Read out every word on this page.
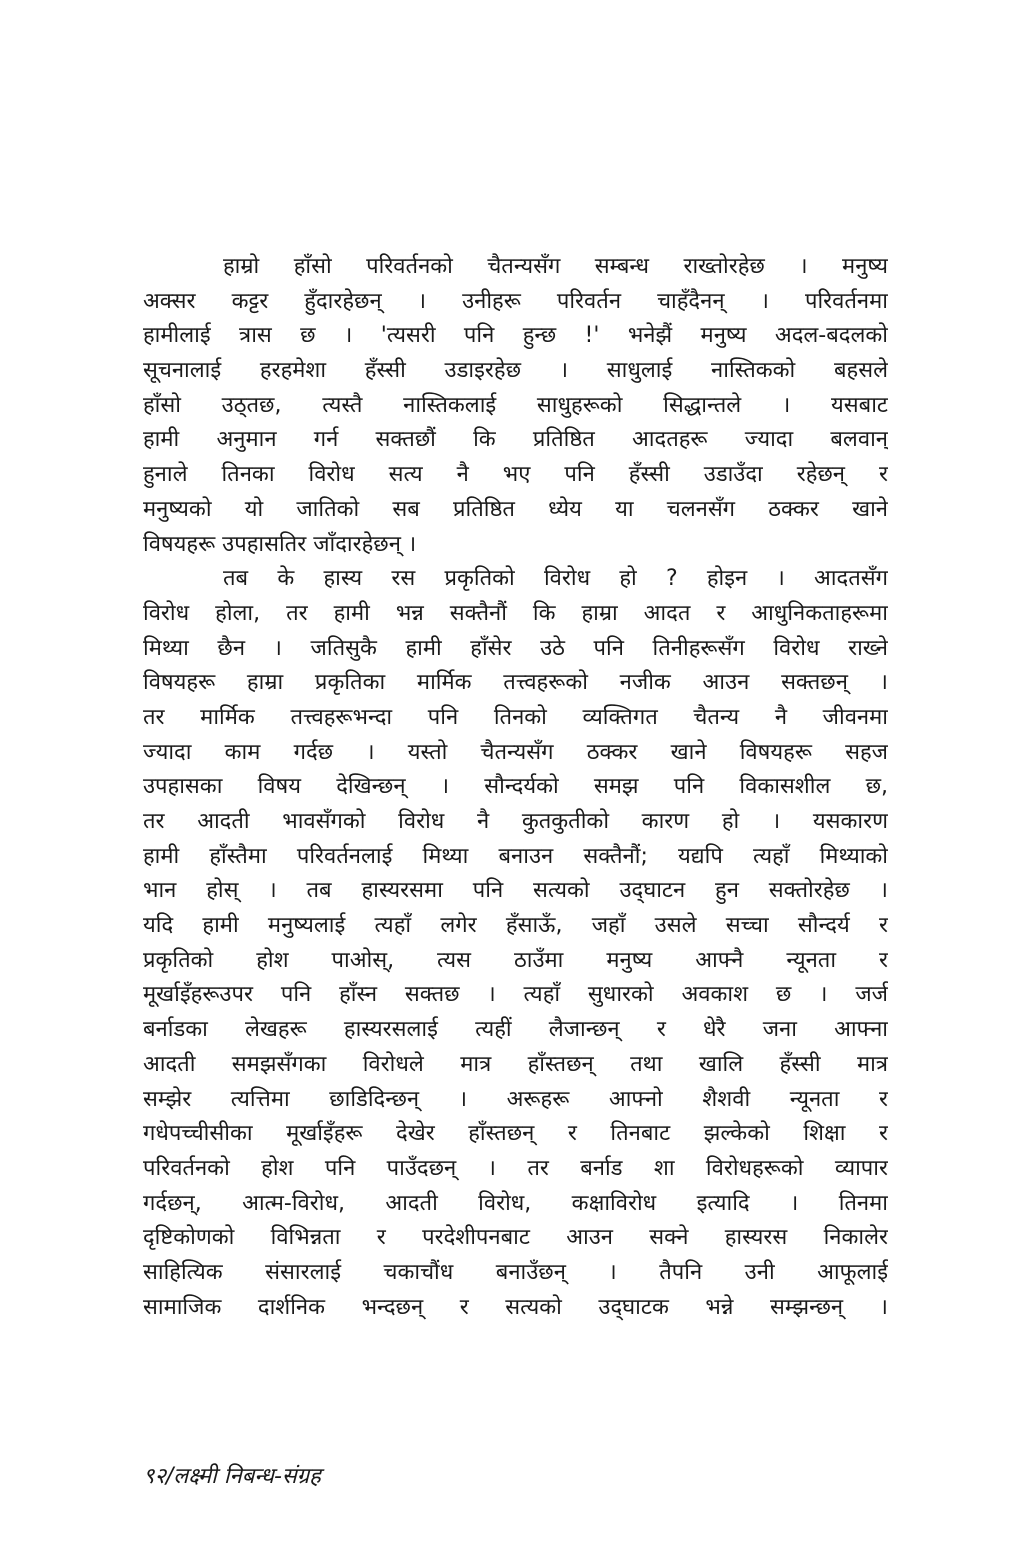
हाम्रो हाँसो परिवर्तनको चैतन्यसँग सम्बन्ध राख्तोरहेछ । मनुष्य
अक्सर कट्टर हुँदारहेछन् । उनीहरू परिवर्तन चाहँदैनन् । परिवर्तनमा
हामीलाई त्रास छ । 'त्यसरी पनि हुन्छ !' भनेझैं मनुष्य अदल-बदलको
सूचनालाई हरहमेशा हँस्सी उडाइरहेछ । साधुलाई नास्तिकको बहसले
हाँसो उठ्तछ, त्यस्तै नास्तिकलाई साधुहरूको सिद्धान्तले । यसबाट
हामी अनुमान गर्न सक्तछौं कि प्रतिष्ठित आदतहरू ज्यादा बलवान्
हुनाले तिनका विरोध सत्य नै भए पनि हँस्सी उडाउँदा रहेछन् र
मनुष्यको यो जातिको सब प्रतिष्ठित ध्येय या चलनसँग ठक्कर खाने
विषयहरू उपहासतिर जाँदारहेछन् ।
तब के हास्य रस प्रकृतिको विरोध हो ? होइन । आदतसँग
विरोध होला, तर हामी भन्न सक्तैनौं कि हाम्रा आदत र आधुनिकताहरूमा
मिथ्या छैन । जतिसुकै हामी हाँसेर उठे पनि तिनीहरूसँग विरोध राख्ने
विषयहरू हाम्रा प्रकृतिका मार्मिक तत्त्वहरूको नजीक आउन सक्तछन् ।
तर मार्मिक तत्त्वहरूभन्दा पनि तिनको व्यक्तिगत चैतन्य नै जीवनमा
ज्यादा काम गर्दछ । यस्तो चैतन्यसँग ठक्कर खाने विषयहरू सहज
उपहासका विषय देखिन्छन् । सौन्दर्यको समझ पनि विकासशील छ,
तर आदती भावसँगको विरोध नै कुतकुतीको कारण हो । यसकारण
हामी हाँस्तैमा परिवर्तनलाई मिथ्या बनाउन सक्तैनौं; यद्यपि त्यहाँ मिथ्याको
भान होस् । तब हास्यरसमा पनि सत्यको उद्‌घाटन हुन सक्तोरहेछ ।
यदि हामी मनुष्यलाई त्यहाँ लगेर हँसाऊँ, जहाँ उसले सच्चा सौन्दर्य र
प्रकृतिको होश पाओस्, त्यस ठाउँमा मनुष्य आफ्नै न्यूनता र
मूर्खाइँहरूउपर पनि हाँस्न सक्तछ । त्यहाँ सुधारको अवकाश छ । जर्ज
बर्नाडका लेखहरू हास्यरसलाई त्यहीं लैजान्छन् र धेरै जना आफ्ना
आदती समझसँगका विरोधले मात्र हाँस्तछन् तथा खालि हँस्सी मात्र
सम्झेर त्यत्तिमा छाडिदिन्छन् । अरूहरू आफ्नो शैशवी न्यूनता र
गधेपच्चीसीका मूर्खाइँहरू देखेर हाँस्तछन् र तिनबाट झल्केको शिक्षा र
परिवर्तनको होश पनि पाउँदछन् । तर बर्नाड शा विरोधहरूको व्यापार
गर्दछन्, आत्म-विरोध, आदती विरोध, कक्षाविरोध इत्यादि । तिनमा
दृष्टिकोणको विभिन्नता र परदेशीपनबाट आउन सक्ने हास्यरस निकालेर
साहित्यिक संसारलाई चकाचौंध बनाउँछन् । तैपनि उनी आफूलाई
सामाजिक दार्शनिक भन्दछन् र सत्यको उद्‌घाटक भन्ने सम्झन्छन् ।
९२/लक्ष्मी निबन्ध-संग्रह
